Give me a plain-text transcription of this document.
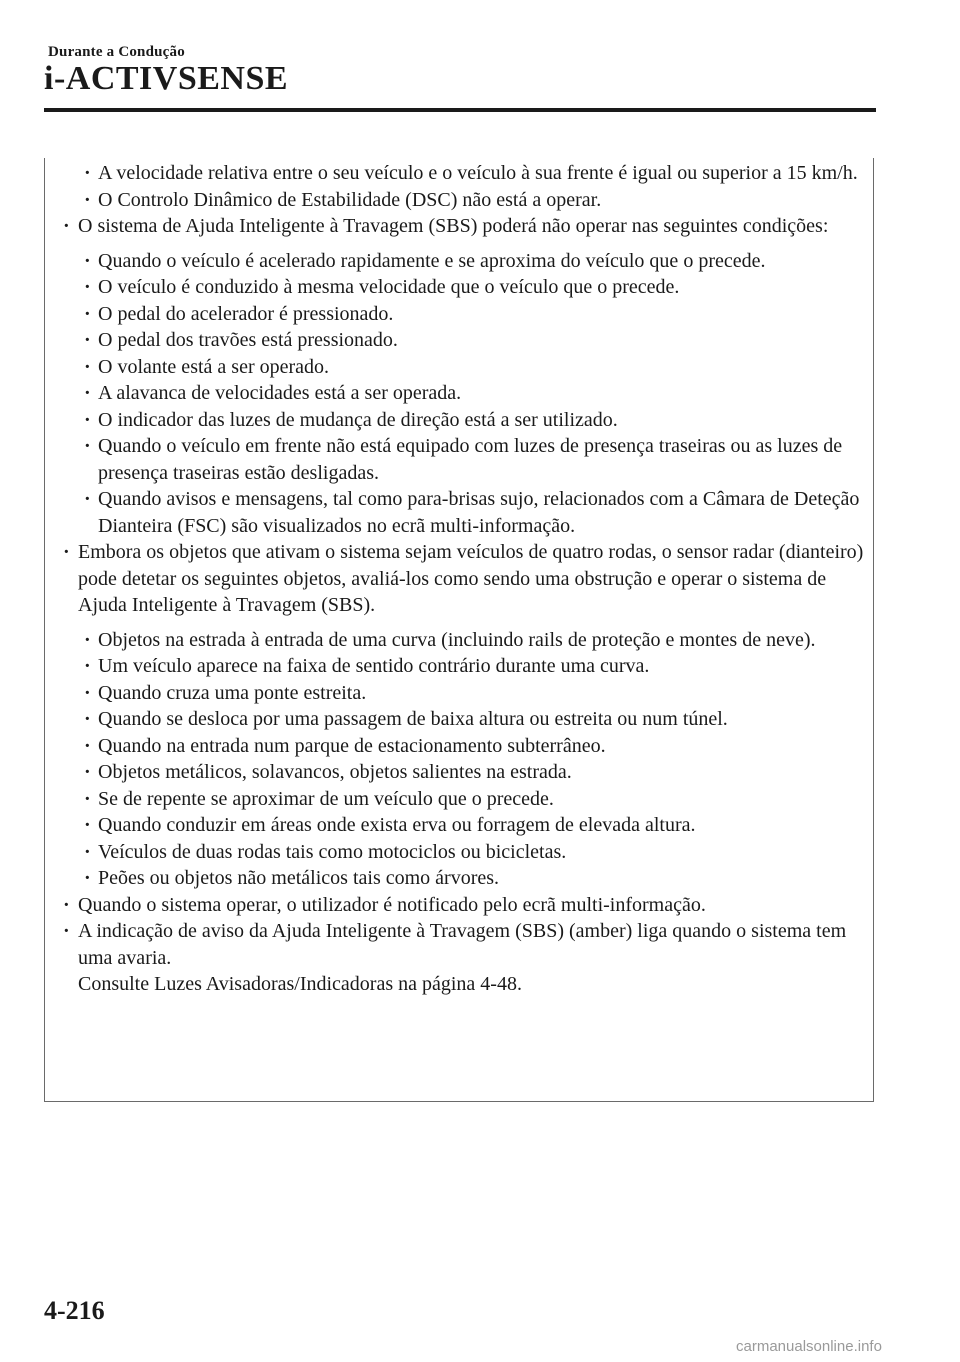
Durante a Condução
i-ACTIVSENSE
· A velocidade relativa entre o seu veículo e o veículo à sua frente é igual ou superior a 15 km/h.
· O Controlo Dinâmico de Estabilidade (DSC) não está a operar.
· O sistema de Ajuda Inteligente à Travagem (SBS) poderá não operar nas seguintes condições:
· Quando o veículo é acelerado rapidamente e se aproxima do veículo que o precede.
· O veículo é conduzido à mesma velocidade que o veículo que o precede.
· O pedal do acelerador é pressionado.
· O pedal dos travões está pressionado.
· O volante está a ser operado.
· A alavanca de velocidades está a ser operada.
· O indicador das luzes de mudança de direção está a ser utilizado.
· Quando o veículo em frente não está equipado com luzes de presença traseiras ou as luzes de presença traseiras estão desligadas.
· Quando avisos e mensagens, tal como para-brisas sujo, relacionados com a Câmara de Deteção Dianteira (FSC) são visualizados no ecrã multi-informação.
· Embora os objetos que ativam o sistema sejam veículos de quatro rodas, o sensor radar (dianteiro) pode detetar os seguintes objetos, avaliá-los como sendo uma obstrução e operar o sistema de Ajuda Inteligente à Travagem (SBS).
· Objetos na estrada à entrada de uma curva (incluindo rails de proteção e montes de neve).
· Um veículo aparece na faixa de sentido contrário durante uma curva.
· Quando cruza uma ponte estreita.
· Quando se desloca por uma passagem de baixa altura ou estreita ou num túnel.
· Quando na entrada num parque de estacionamento subterrâneo.
· Objetos metálicos, solavancos, objetos salientes na estrada.
· Se de repente se aproximar de um veículo que o precede.
· Quando conduzir em áreas onde exista erva ou forragem de elevada altura.
· Veículos de duas rodas tais como motociclos ou bicicletas.
· Peões ou objetos não metálicos tais como árvores.
· Quando o sistema operar, o utilizador é notificado pelo ecrã multi-informação.
· A indicação de aviso da Ajuda Inteligente à Travagem (SBS) (amber) liga quando o sistema tem uma avaria.
Consulte Luzes Avisadoras/Indicadoras na página 4-48.
4-216
carmanualsonline.info
